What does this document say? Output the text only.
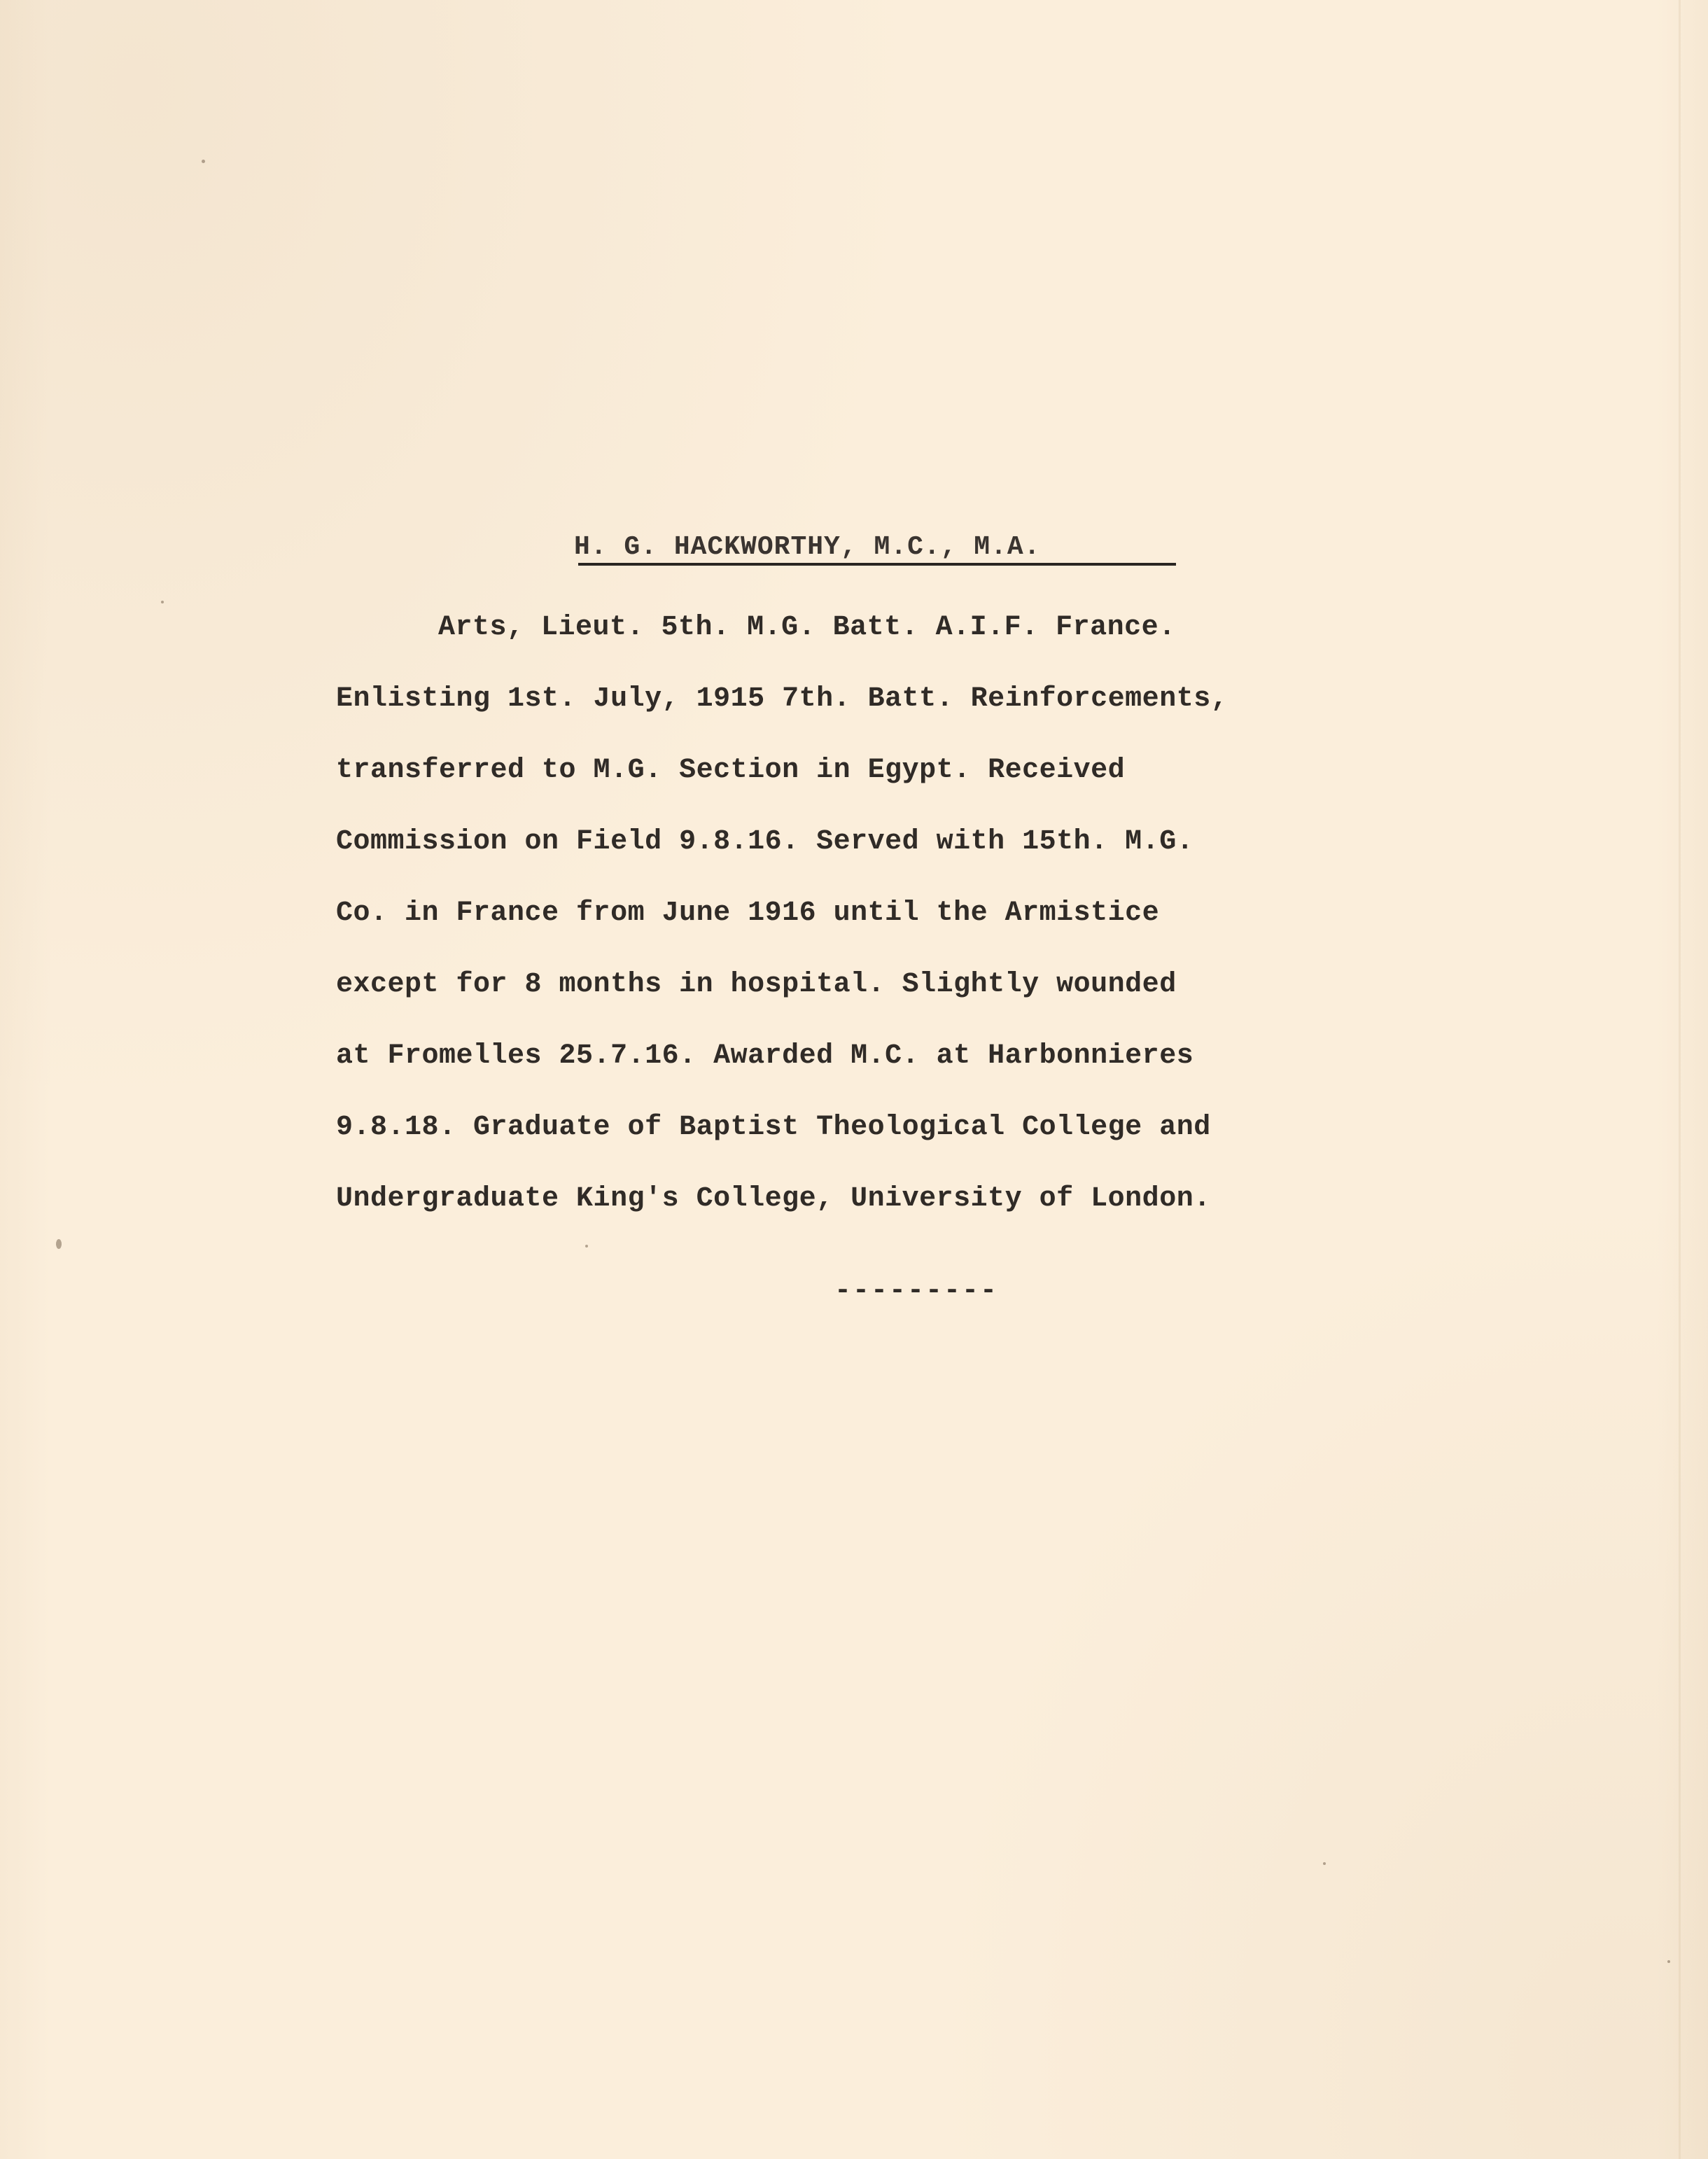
H. G. HACKWORTHY, M.C., M.A.
Arts, Lieut. 5th. M.G. Batt. A.I.F. France.
Enlisting 1st. July, 1915 7th. Batt. Reinforcements,
transferred to M.G. Section in Egypt. Received
Commission on Field 9.8.16. Served with 15th. M.G.
Co. in France from June 1916 until the Armistice
except for 8 months in hospital. Slightly wounded
at Fromelles 25.7.16. Awarded M.C. at Harbonnieres
9.8.18. Graduate of Baptist Theological College and
Undergraduate King's College, University of London.
---------
